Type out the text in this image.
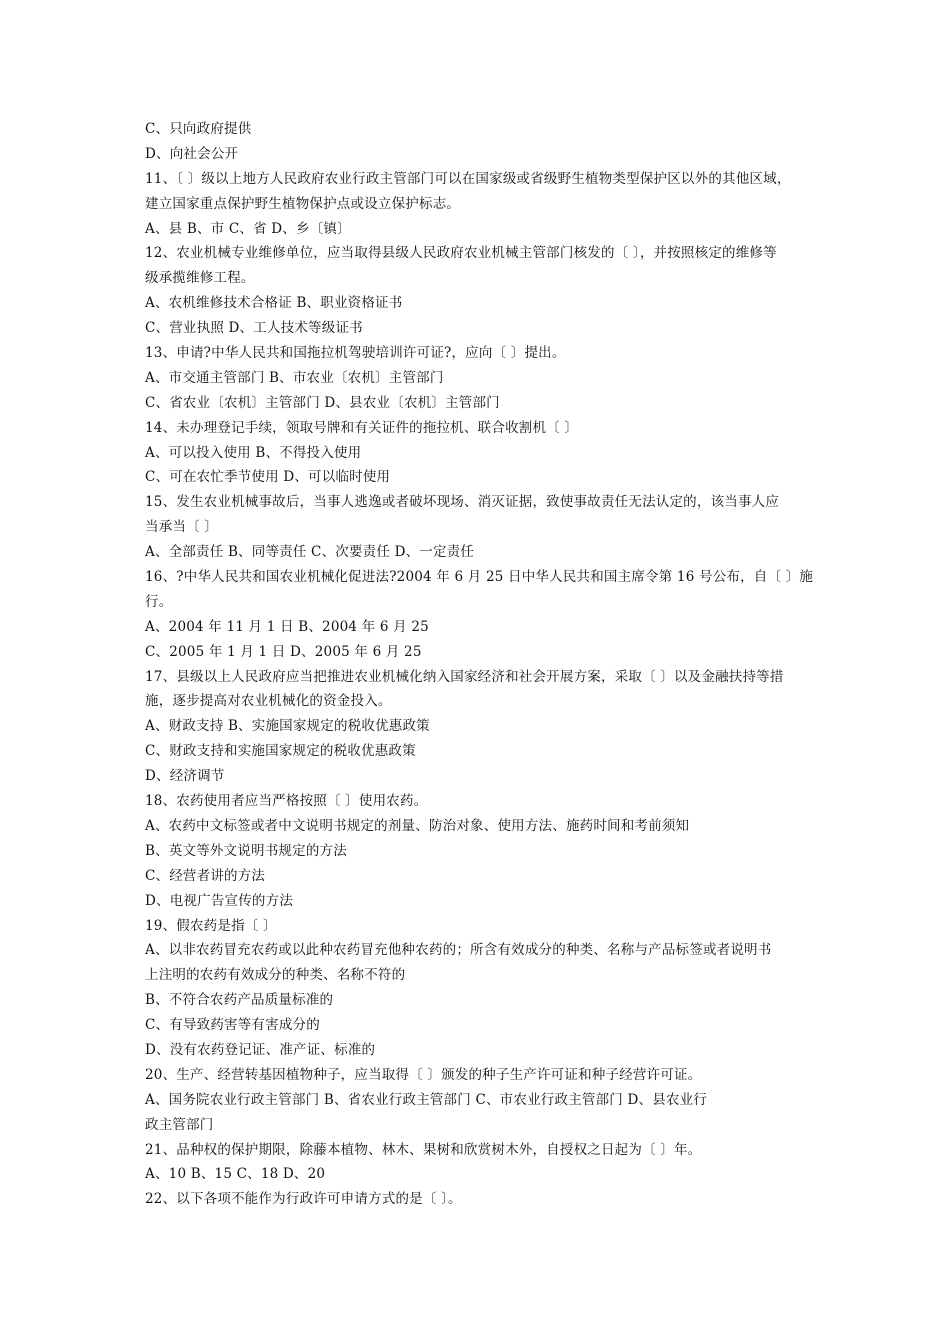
C、只向政府提供
D、向社会公开
11、〔 〕级以上地方人民政府农业行政主管部门可以在国家级或省级野生植物类型保护区以外的其他区域，
建立国家重点保护野生植物保护点或设立保护标志。
A、县 B、市 C、省 D、乡〔镇〕
12、农业机械专业维修单位，应当取得县级人民政府农业机械主管部门核发的〔 〕，并按照核定的维修等
级承揽维修工程。
A、农机维修技术合格证 B、职业资格证书
C、营业执照 D、工人技术等级证书
13、申请?中华人民共和国拖拉机驾驶培训许可证?，应向〔 〕提出。
A、市交通主管部门 B、市农业〔农机〕主管部门
C、省农业〔农机〕主管部门 D、县农业〔农机〕主管部门
14、未办理登记手续，领取号牌和有关证件的拖拉机、联合收割机〔 〕
A、可以投入使用 B、不得投入使用
C、可在农忙季节使用 D、可以临时使用
15、发生农业机械事故后，当事人逃逸或者破坏现场、消灭证据，致使事故责任无法认定的，该当事人应
当承当〔 〕
A、全部责任 B、同等责任 C、次要责任 D、一定责任
16、?中华人民共和国农业机械化促进法?2004 年 6 月 25 日中华人民共和国主席令第 16 号公布，自〔 〕施
行。
A、2004 年 11 月 1 日 B、2004 年 6 月 25
C、2005 年 1 月 1 日 D、2005 年 6 月 25
17、县级以上人民政府应当把推进农业机械化纳入国家经济和社会开展方案，采取〔 〕以及金融扶持等措
施，逐步提高对农业机械化的资金投入。
A、财政支持 B、实施国家规定的税收优惠政策
C、财政支持和实施国家规定的税收优惠政策
D、经济调节
18、农药使用者应当严格按照〔 〕使用农药。
A、农药中文标签或者中文说明书规定的剂量、防治对象、使用方法、施药时间和考前须知
B、英文等外文说明书规定的方法
C、经营者讲的方法
D、电视广告宣传的方法
19、假农药是指〔 〕
A、以非农药冒充农药或以此种农药冒充他种农药的；所含有效成分的种类、名称与产品标签或者说明书
上注明的农药有效成分的种类、名称不符的
B、不符合农药产品质量标准的
C、有导致药害等有害成分的
D、没有农药登记证、准产证、标准的
20、生产、经营转基因植物种子，应当取得〔 〕颁发的种子生产许可证和种子经营许可证。
A、国务院农业行政主管部门 B、省农业行政主管部门 C、市农业行政主管部门 D、县农业行
政主管部门
21、品种权的保护期限，除藤本植物、林木、果树和欣赏树木外，自授权之日起为〔 〕年。
A、10 B、15 C、18 D、20
22、以下各项不能作为行政许可申请方式的是〔 〕。
